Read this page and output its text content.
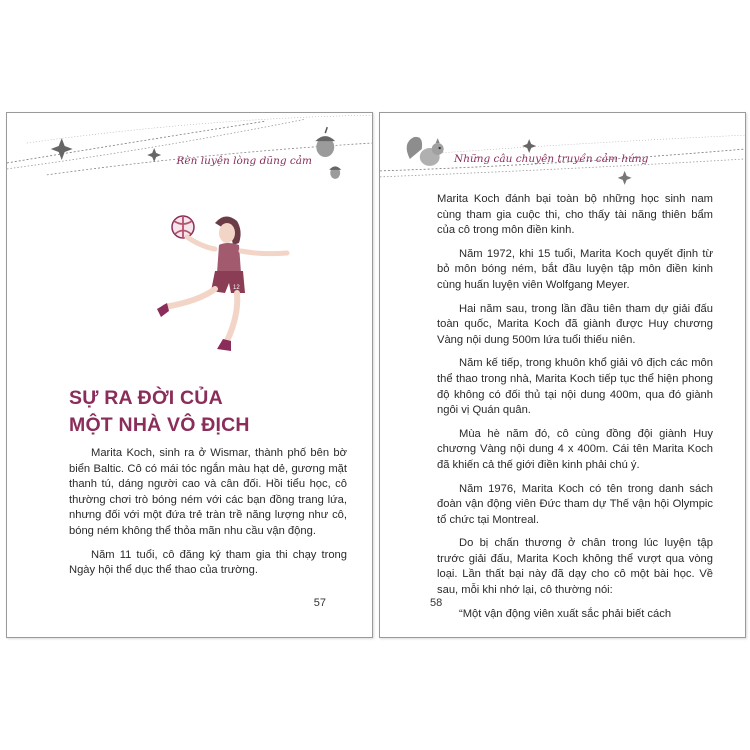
Rèn luyện lòng dũng cảm
12
SỰ RA ĐỜI CỦA
MỘT NHÀ VÔ ĐỊCH

Marita Koch, sinh ra ở Wismar, thành phố bên bờ biển Baltic. Cô có mái tóc ngắn màu hạt dẻ, gương mặt thanh tú, dáng người cao và cân đối. Hồi tiểu học, cô thường chơi trò bóng ném với các bạn đồng trang lứa, nhưng đối với một đứa trẻ tràn trề năng lượng như cô, bóng ném không thể thỏa mãn nhu cầu vận động.

Năm 11 tuổi, cô đăng ký tham gia thi chạy trong Ngày hội thể dục thể thao của trường.

57
Những câu chuyện truyền cảm hứng

Marita Koch đánh bại toàn bộ những học sinh nam cùng tham gia cuộc thi, cho thấy tài năng thiên bẩm của cô trong môn điền kinh.

Năm 1972, khi 15 tuổi, Marita Koch quyết định từ bỏ môn bóng ném, bắt đầu luyện tập môn điền kinh cùng huấn luyện viên Wolfgang Meyer.

Hai năm sau, trong lần đầu tiên tham dự giải đấu toàn quốc, Marita Koch đã giành được Huy chương Vàng nội dung 500m lứa tuổi thiếu niên.

Năm kế tiếp, trong khuôn khổ giải vô địch các môn thể thao trong nhà, Marita Koch tiếp tục thể hiện phong độ không có đối thủ tại nội dung 400m, qua đó giành ngôi vị Quán quân.

Mùa hè năm đó, cô cùng đồng đội giành Huy chương Vàng nội dung 4 x 400m. Cái tên Marita Koch đã khiến cả thế giới điền kinh phải chú ý.

Năm 1976, Marita Koch có tên trong danh sách đoàn vận động viên Đức tham dự Thế vận hội Olympic tổ chức tại Montreal.

Do bị chấn thương ở chân trong lúc luyện tập trước giải đấu, Marita Koch không thể vượt qua vòng loại. Lần thất bại này đã dạy cho cô một bài học. Về sau, mỗi khi nhớ lại, cô thường nói:

“Một vận động viên xuất sắc phải biết cách

58
